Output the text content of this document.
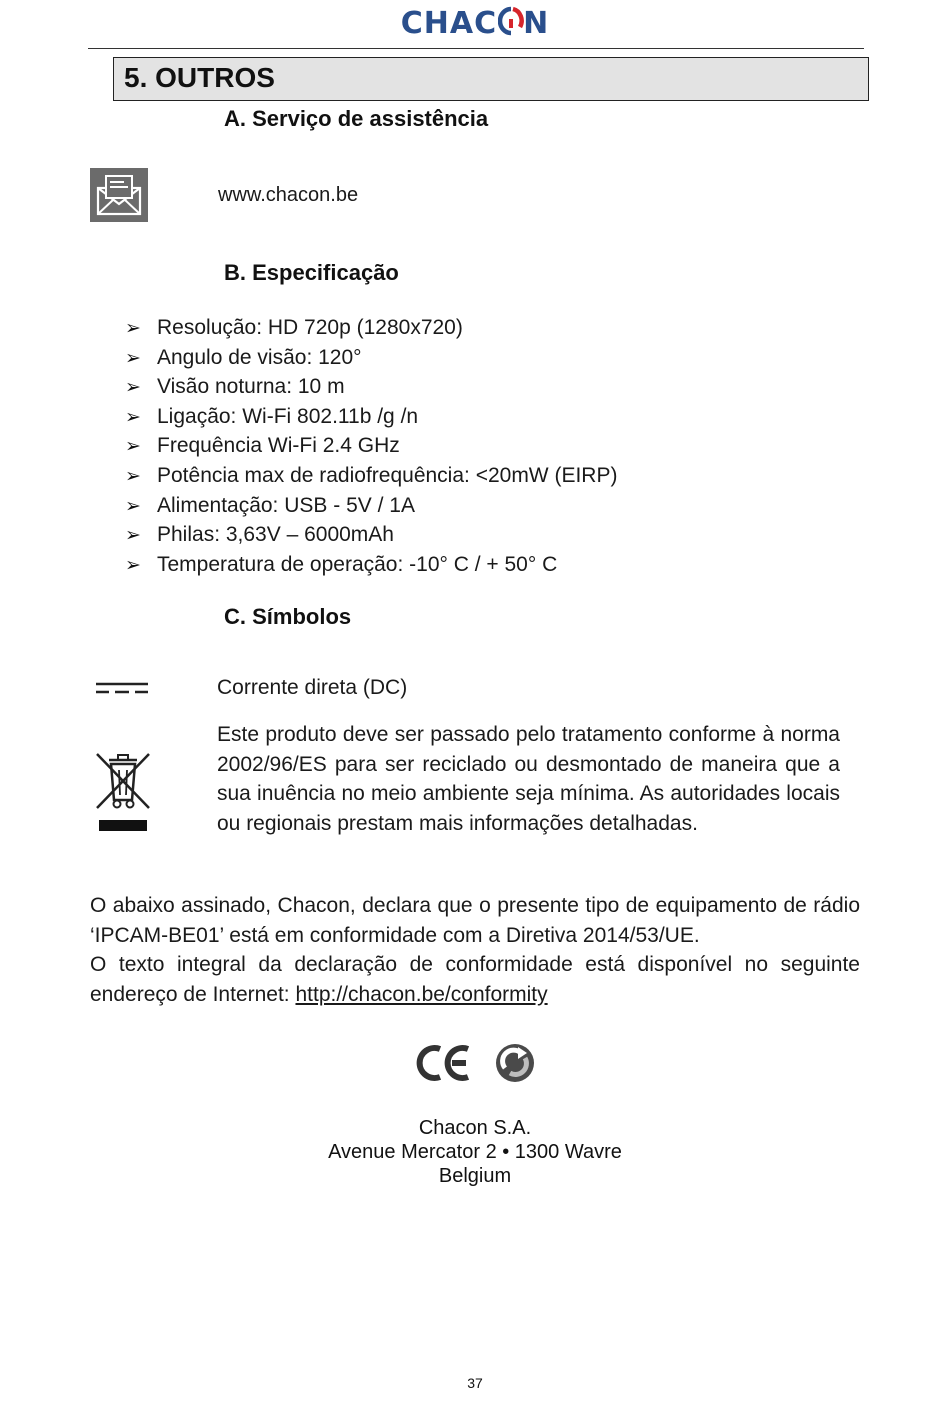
CHAC N
5. OUTROS
A. Serviço de assistência
www.chacon.be
B. Especificação
➢ Resolução: HD 720p (1280x720)
➢ Angulo de visão: 120°
➢ Visão noturna: 10 m
➢ Ligação: Wi-Fi 802.11b /g /n
➢ Frequência Wi-Fi 2.4 GHz
➢ Potência max de radiofrequência: <20mW (EIRP)
➢ Alimentação: USB - 5V / 1A
➢ Philas: 3,63V – 6000mAh
➢ Temperatura de operação: -10° C / + 50° C
C. Símbolos
Corrente direta (DC)
Este produto deve ser passado pelo tratamento conforme à norma 2002/96/ES para ser reciclado ou desmontado de maneira que a sua inuência no meio ambiente seja mínima. As autoridades locais ou regionais prestam mais informações detalhadas.
O abaixo assinado, Chacon, declara que o presente tipo de equipamento de rádio ‘IPCAM-BE01’ está em conformidade com a Diretiva 2014/53/UE.
O texto integral da declaração de conformidade está disponível no seguinte endereço de Internet: http://chacon.be/conformity
Chacon S.A.
Avenue Mercator 2 • 1300 Wavre
Belgium
37
